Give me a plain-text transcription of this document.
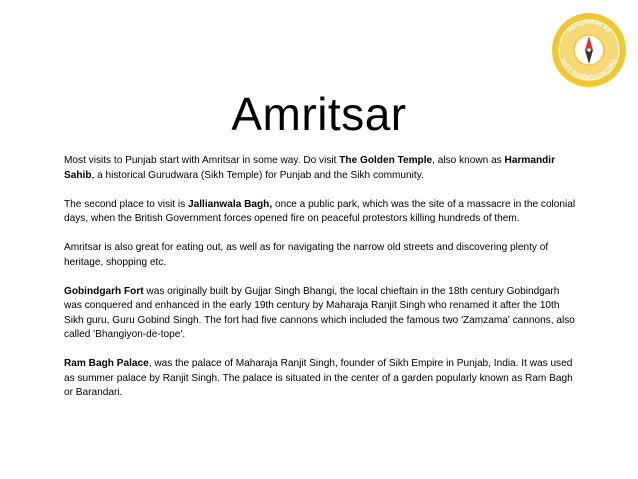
Handpicked By
THEUNTOURISTS.COM
Amritsar

Most visits to Punjab start with Amritsar in some way. Do visit The Golden Temple, also known as Harmandir Sahib, a historical Gurudwara (Sikh Temple) for Punjab and the Sikh community.

The second place to visit is Jallianwala Bagh, once a public park, which was the site of a massacre in the colonial days, when the British Government forces opened fire on peaceful protestors killing hundreds of them.

Amritsar is also great for eating out, as well as for navigating the narrow old streets and discovering plenty of heritage, shopping etc.

Gobindgarh Fort was originally built by Gujjar Singh Bhangi, the local chieftain in the 18th century Gobindgarh was conquered and enhanced in the early 19th century by Maharaja Ranjit Singh who renamed it after the 10th Sikh guru, Guru Gobind Singh. The fort had five cannons which included the famous two 'Zamzama' cannons, also called 'Bhangiyon-de-tope'.

Ram Bagh Palace, was the palace of Maharaja Ranjit Singh, founder of Sikh Empire in Punjab, India. It was used as summer palace by Ranjit Singh. The palace is situated in the center of a garden popularly known as Ram Bagh or Barandari.
